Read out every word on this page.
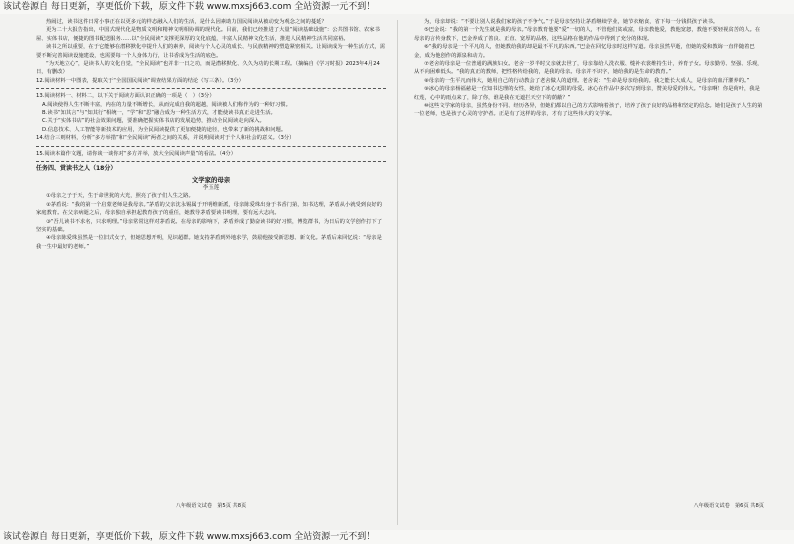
该试卷源自 每日更新，享更低价下载，原文件下载 www.mxsj663.com 全站资源一元不到！

热闹过，读书这件日常小事正在以更多元的样态融入人们的生活，是什么因素助力国民阅读从被动变为观念之间的蔓延？

更为二十大报告指出，中国式现代化是物质文明和精神文明相协调的现代化。目前，我们已经推进了大量“阅读基础设施”：公共图书馆、农家书屋、实体书店，便捷的图书配送服务……以“全民阅读”支撑更深厚的文化底蕴，丰富人民精神文化生活，推进人民精神生活共同富裕。

读书之所以重要，在于它能够在潜移默化中提升人们的素养，阅读与个人心灵的成长、与民族精神的塑造紧密相关。让阅读成为一种生活方式，需要不断完善阅读设施建设，也需要每一个人身体力行，让书香成为生活的底色。

“为天地立心”，是读书人的文化自觉，“全民阅读”也并非一日之功，而是潜移默化、久久为功的长期工程。（摘编自《学习时报》2023年4月24日，有删改）

12.阅读材料一中图表，提取关于“全国国民阅读”调查结果方面的结论（写三条）。（3分）

13.阅读材料一、材料二，以下关于阅读方面认识正确的一项是（　）（3分）

A.阅读使得人生不断丰富，内在的力量不断增长，从而完成自我的超越，阅读被人们称作为的一种好习惯。

B.读书“知其言”与“知其行”相统一，“学”和“思”融合成为一种生活方式，才能使读书真正走进生活。

C.关于“实体书店”的社会效果问题，要准确把握实体书店的发展趋势，推动全民阅读走向深入。

D.信息技术、人工智能等新技术的应用，为全民阅读提供了更加便捷的途径，也带来了新的挑战和问题。

14.结合三则材料，分析“多方举措”和“全民阅读”两者之间的关系，并说明阅读对于个人和社会的意义。（3分）

15.阅读本篇作文题，请你谈一谈你对“多方并举，放大全民阅读声量”的看法。（4分）

任务四、赏读书之人（18分）

文学家的母亲

李玉莲

①母亲之子于天，生于命世犹的大光，照亮了孩子们人生之路。

②茅盾说：“我的第一个启蒙老师是我母亲。”茅盾的父亲沈永锡属于开明维新派，母亲陈爱珠出身于书香门第，知书达理，茅盾从小就受到良好的家庭教育。在父亲病逝之后，母亲独自承担起教育孩子的重任，她教导茅盾要读书明理，要有远大志向。

③“吾儿读书不求名，只求明理。”母亲常常这样对茅盾说。在母亲的影响下，茅盾养成了勤奋读书的好习惯，博览群书，为日后的文学创作打下了坚实的基础。

④母亲陈爱珠虽然是一位旧式女子，但她思想开明，见识超群。她支持茅盾到外地求学，鼓励他接受新思想、新文化。茅盾后来回忆说：“母亲是我一生中最好的老师。”

八年级语文试卷　第5页 共8页

为，母亲却说：“不要让别人说我们家的孩子不争气。”于是母亲坚持让茅盾继续学业，她节衣缩食，省下每一分钱供孩子读书。

⑤巴金说：“我的第一个先生就是我的母亲。”母亲教育他要“爱”一切的人，不管他们贫或富，母亲教他爱，教他宽恕，教他不要轻视贫苦的人。在母亲的言传身教下，巴金养成了善良、正直、宽厚的品格，这些品格在他的作品中得到了充分的体现。

⑥“我的母亲是一个平凡的人，但她教给我的却是最不平凡的东西。”巴金在回忆母亲时这样写道。母亲虽然早逝，但她的爱和教诲一直伴随着巴金，成为他创作的源泉和动力。

⑦老舍的母亲是一位普通的满族妇女。老舍一岁半时父亲就去世了，母亲靠给人洗衣服、缝补衣裳维持生计，养育子女。母亲勤劳、坚强、乐观，从不向困难低头。“我的真正的教师，把性格传给我的，是我的母亲。母亲并不识字，她给我的是生命的教育。”

⑧母亲的一生平凡而伟大，她用自己的行动教会了老舍做人的道理。老舍说：“生命是母亲给我的。我之能长大成人，是母亲的血汗灌养的。”

⑨冰心的母亲杨福慈是一位知书达理的女性，她给了冰心无限的母爱。冰心在作品中多次写到母亲，赞美母爱的伟大。“母亲啊！你是荷叶，我是红莲，心中的雨点来了，除了你，谁是我在无遮拦天空下的荫蔽？”

⑩这些文学家的母亲，虽然身份不同、经历各异，但她们都以自己的方式影响着孩子，培养了孩子良好的品格和坚定的信念。她们是孩子人生的第一位老师，也是孩子心灵的守护者。正是有了这样的母亲，才有了这些伟大的文学家。

八年级语文试卷　第6页 共8页
该试卷源自 每日更新，享更低价下载，原文件下载 www.mxsj663.com 全站资源一元不到！
